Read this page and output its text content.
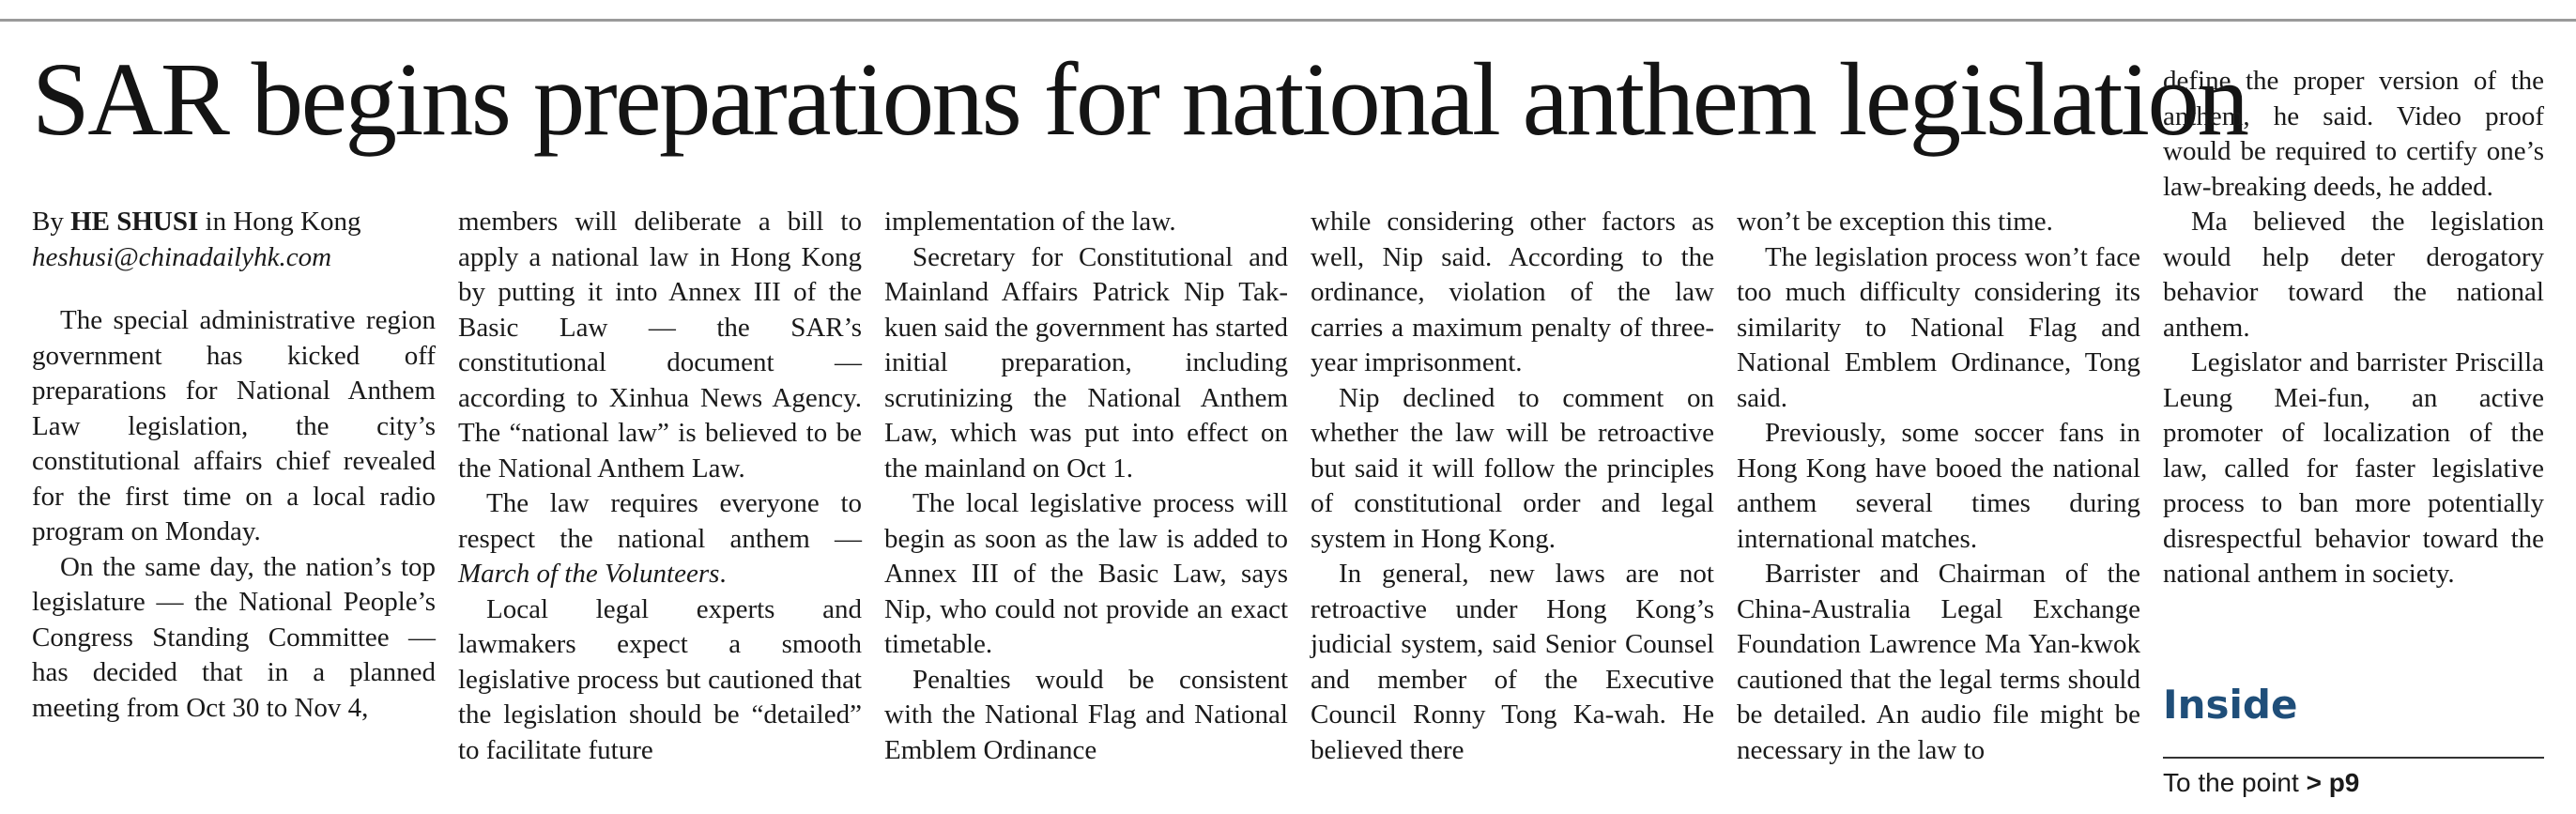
SAR begins preparations for national anthem legislation

By HE SHUSI in Hong Kong

heshusi@chinadailyhk.com

The special administrative region government has kicked off preparations for National Anthem Law legislation, the city’s constitutional affairs chief revealed for the first time on a local radio program on Monday.

On the same day, the nation’s top legislature — the National People’s Congress Standing Committee — has decided that in a planned meeting from Oct 30 to Nov 4,

members will deliberate a bill to apply a national law in Hong Kong by putting it into Annex III of the Basic Law — the SAR’s constitutional document — according to Xinhua News Agency. The “national law” is believed to be the National Anthem Law.

The law requires everyone to respect the national anthem — March of the Volunteers.

Local legal experts and lawmakers expect a smooth legislative process but cautioned that the legislation should be “detailed” to facilitate future

implementation of the law.

Secretary for Constitutional and Mainland Affairs Patrick Nip Tak-kuen said the government has started initial preparation, including scrutinizing the National Anthem Law, which was put into effect on the mainland on Oct 1.

The local legislative process will begin as soon as the law is added to Annex III of the Basic Law, says Nip, who could not provide an exact timetable.

Penalties would be consistent with the National Flag and National Emblem Ordinance

while considering other factors as well, Nip said. According to the ordinance, violation of the law carries a maximum penalty of three-year imprisonment.

Nip declined to comment on whether the law will be retroactive but said it will follow the principles of constitutional order and legal system in Hong Kong.

In general, new laws are not retroactive under Hong Kong’s judicial system, said Senior Counsel and member of the Executive Council Ronny Tong Ka-wah. He believed there

won’t be exception this time.

The legislation process won’t face too much difficulty considering its similarity to National Flag and National Emblem Ordinance, Tong said.

Previously, some soccer fans in Hong Kong have booed the national anthem several times during international matches.

Barrister and Chairman of the China-Australia Legal Exchange Foundation Lawrence Ma Yan-kwok cautioned that the legal terms should be detailed. An audio file might be necessary in the law to

define the proper version of the anthem, he said. Video proof would be required to certify one’s law-breaking deeds, he added.

Ma believed the legislation would help deter derogatory behavior toward the national anthem.

Legislator and barrister Priscilla Leung Mei-fun, an active promoter of localization of the law, called for faster legislative process to ban more potentially disrespectful behavior toward the national anthem in society.

Inside
To the point > p9
